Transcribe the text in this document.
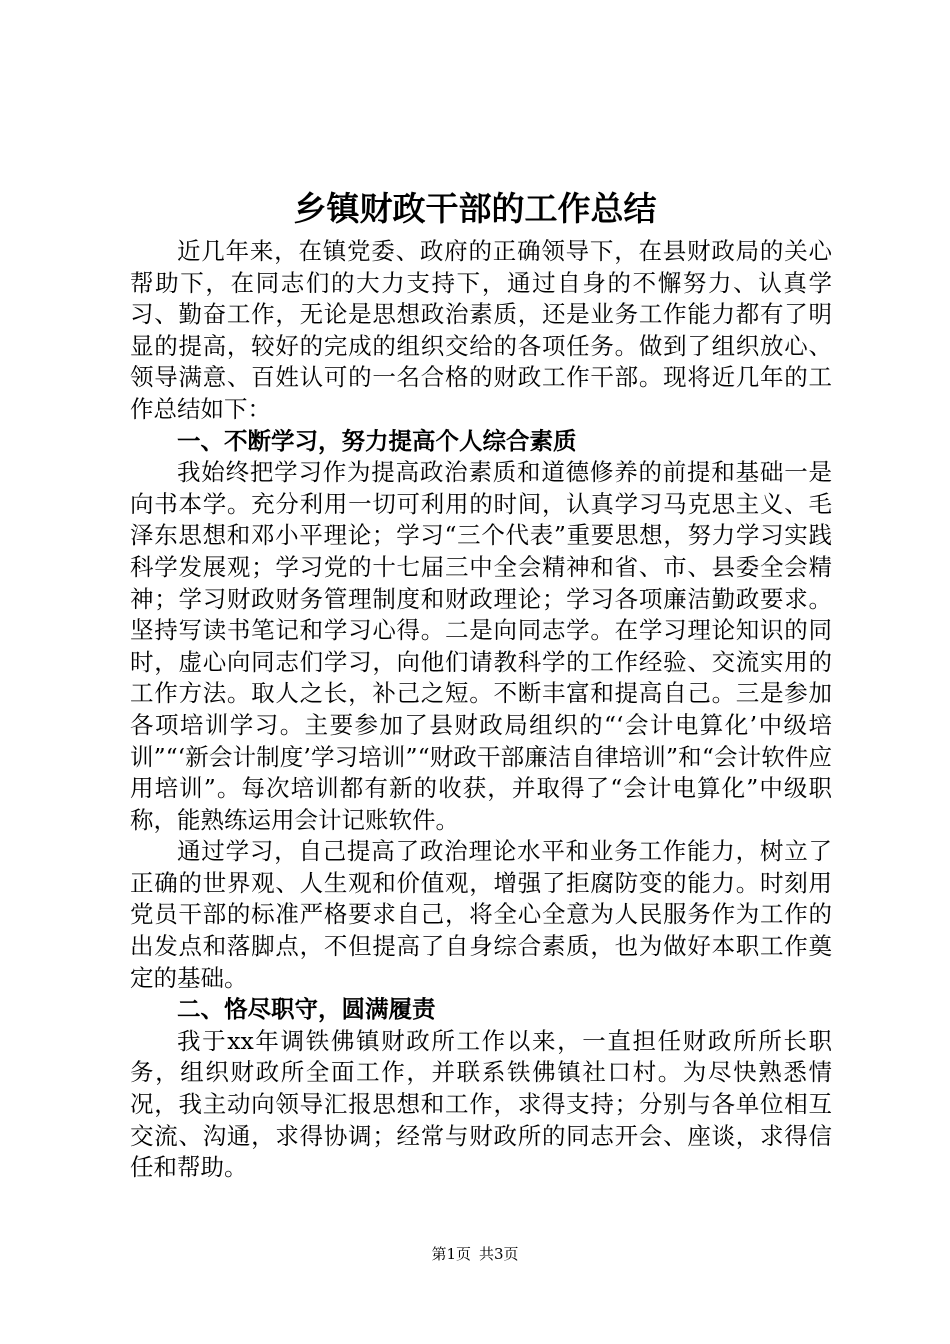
乡镇财政干部的工作总结

近几年来，在镇党委、政府的正确领导下，在县财政局的关心帮助下，在同志们的大力支持下，通过自身的不懈努力、认真学习、勤奋工作，无论是思想政治素质，还是业务工作能力都有了明显的提高，较好的完成的组织交给的各项任务。做到了组织放心、领导满意、百姓认可的一名合格的财政工作干部。现将近几年的工作总结如下：

一、不断学习，努力提高个人综合素质

我始终把学习作为提高政治素质和道德修养的前提和基础一是向书本学。充分利用一切可利用的时间，认真学习马克思主义、毛泽东思想和邓小平理论；学习“三个代表”重要思想，努力学习实践科学发展观；学习党的十七届三中全会精神和省、市、县委全会精神；学习财政财务管理制度和财政理论；学习各项廉洁勤政要求。坚持写读书笔记和学习心得。二是向同志学。在学习理论知识的同时，虚心向同志们学习，向他们请教科学的工作经验、交流实用的工作方法。取人之长，补己之短。不断丰富和提高自己。三是参加各项培训学习。主要参加了县财政局组织的“‘会计电算化’中级培训”“‘新会计制度’学习培训”“财政干部廉洁自律培训”和“会计软件应用培训”。每次培训都有新的收获，并取得了“会计电算化”中级职称，能熟练运用会计记账软件。

通过学习，自己提高了政治理论水平和业务工作能力，树立了正确的世界观、人生观和价值观，增强了拒腐防变的能力。时刻用党员干部的标准严格要求自己，将全心全意为人民服务作为工作的出发点和落脚点，不但提高了自身综合素质，也为做好本职工作奠定的基础。

二、恪尽职守，圆满履责

我于xx年调铁佛镇财政所工作以来，一直担任财政所所长职务，组织财政所全面工作，并联系铁佛镇社口村。为尽快熟悉情况，我主动向领导汇报思想和工作，求得支持；分别与各单位相互交流、沟通，求得协调；经常与财政所的同志开会、座谈，求得信任和帮助。

第1页 共3页
